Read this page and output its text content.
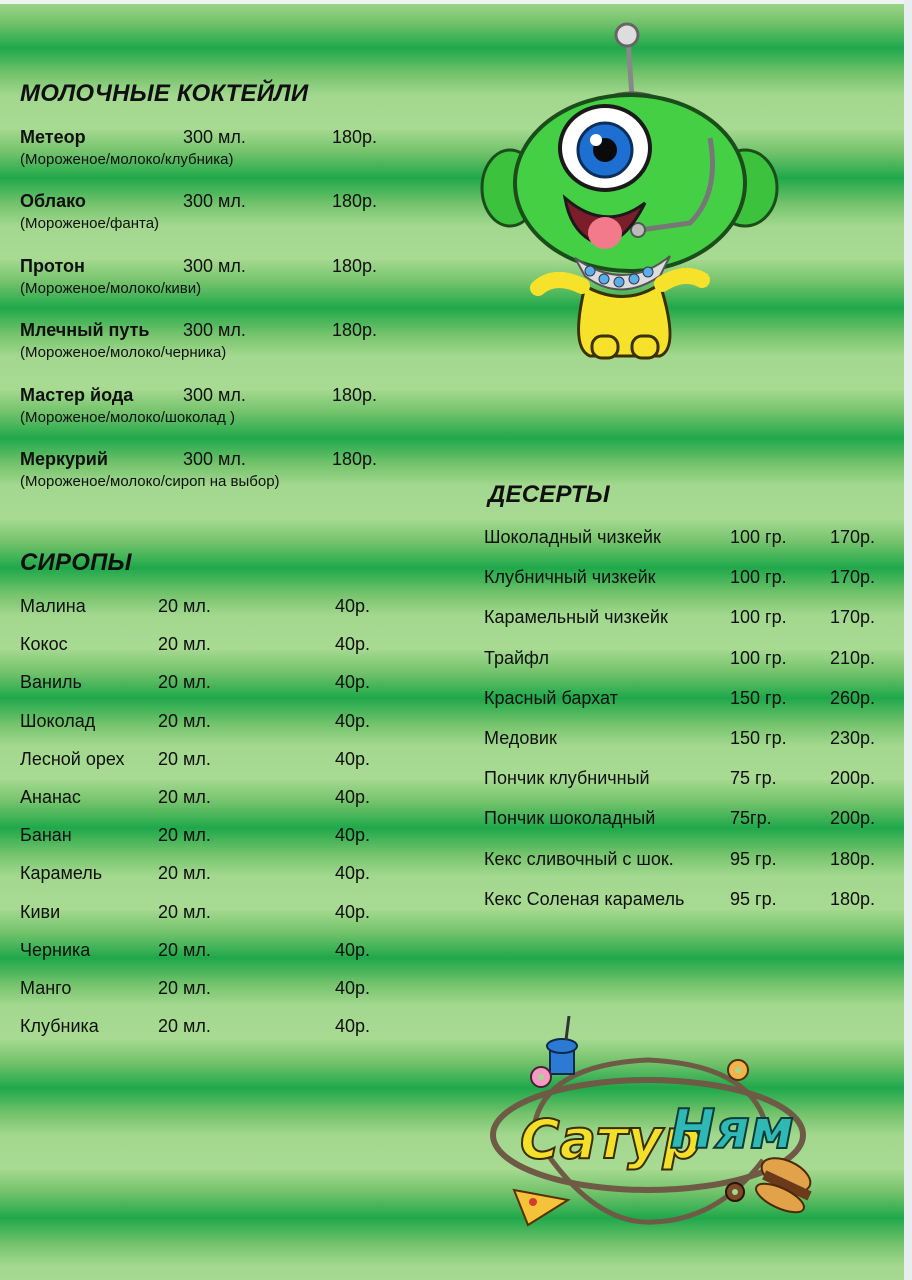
МОЛОЧНЫЕ КОКТЕЙЛИ
Метеор	300 мл.	180р.
(Мороженое/молоко/клубника)
Облако	300 мл.	180р.
(Мороженое/фанта)
Протон	300 мл.	180р.
(Мороженое/молоко/киви)
Млечный путь 300 мл.	180р.
(Мороженое/молоко/черника)
Мастер йода	300 мл.	180р.
(Мороженое/молоко/шоколад )
Меркурий	300 мл.	180р.
(Мороженое/молоко/сироп на выбор)
СИРОПЫ
Малина	20 мл.	40р.
Кокос	20 мл.	40р.
Ваниль	20 мл.	40р.
Шоколад	20 мл.	40р.
Лесной орех 20 мл.	40р.
Ананас	20 мл.	40р.
Банан	20 мл.	40р.
Карамель	20 мл.	40р.
Киви	20 мл.	40р.
Черника	20 мл.	40р.
Манго	20 мл.	40р.
Клубника	20 мл.	40р.
ДЕСЕРТЫ
Шоколадный чизкейк	100 гр. 170р.
Клубничный чизкейк	100 гр. 170р.
Карамельный чизкейк	100 гр. 170р.
Трайфл	100 гр. 210р.
Красный бархат	150 гр. 260р.
Медовик	150 гр. 230р.
Пончик клубничный	75 гр.	200р.
Пончик шоколадный	75гр.	200р.
Кекс сливочный с шок.	95 гр.	180р.
Кекс Соленая карамель	95 гр.	180р.
Сатур
Ням
